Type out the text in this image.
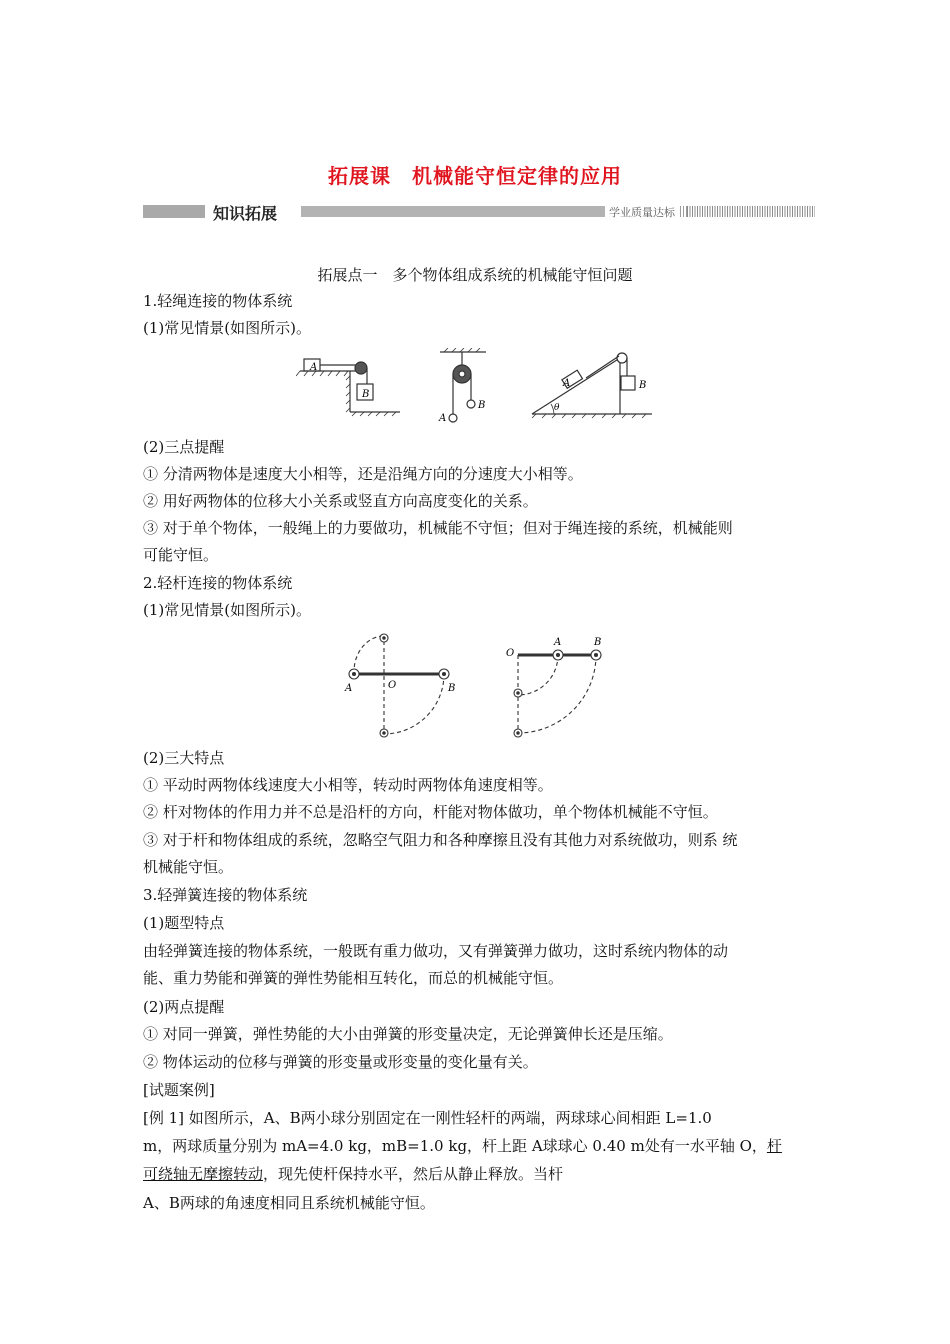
拓展课　机械能守恒定律的应用
知识拓展	学业质量达标
拓展点一　多个物体组成系统的机械能守恒问题
1.轻绳连接的物体系统
(1)常见情景(如图所示)。
A
B
A
B
A	B
θ
(2)三点提醒
① 分清两物体是速度大小相等，还是沿绳方向的分速度大小相等。
② 用好两物体的位移大小关系或竖直方向高度变化的关系。
③ 对于单个物体，一般绳上的力要做功，机械能不守恒；但对于绳连接的系统，机械能则
可能守恒。
2.轻杆连接的物体系统
(1)常见情景(如图所示)。
A	O	B
O
A	B
(2)三大特点
① 平动时两物体线速度大小相等，转动时两物体角速度相等。
② 杆对物体的作用力并不总是沿杆的方向，杆能对物体做功，单个物体机械能不守恒。
③ 对于杆和物体组成的系统，忽略空气阻力和各种摩擦且没有其他力对系统做功，则系 统
机械能守恒。
3.轻弹簧连接的物体系统
(1)题型特点
由轻弹簧连接的物体系统，一般既有重力做功，又有弹簧弹力做功，这时系统内物体的动
能、重力势能和弹簧的弹性势能相互转化，而总的机械能守恒。
(2)两点提醒
① 对同一弹簧，弹性势能的大小由弹簧的形变量决定，无论弹簧伸长还是压缩。
② 物体运动的位移与弹簧的形变量或形变量的变化量有关。
[试题案例]
[例 1] 如图所示，A、B两小球分别固定在一刚性轻杆的两端，两球球心间相距 L=1.0
m，两球质量分别为 mA=4.0 kg，mB=1.0 kg，杆上距 A球球心 0.40 m处有一水平轴 O，杆
可绕轴无摩擦转动，现先使杆保持水平，然后从静止释放。当杆
A、B两球的角速度相同且系统机械能守恒。
